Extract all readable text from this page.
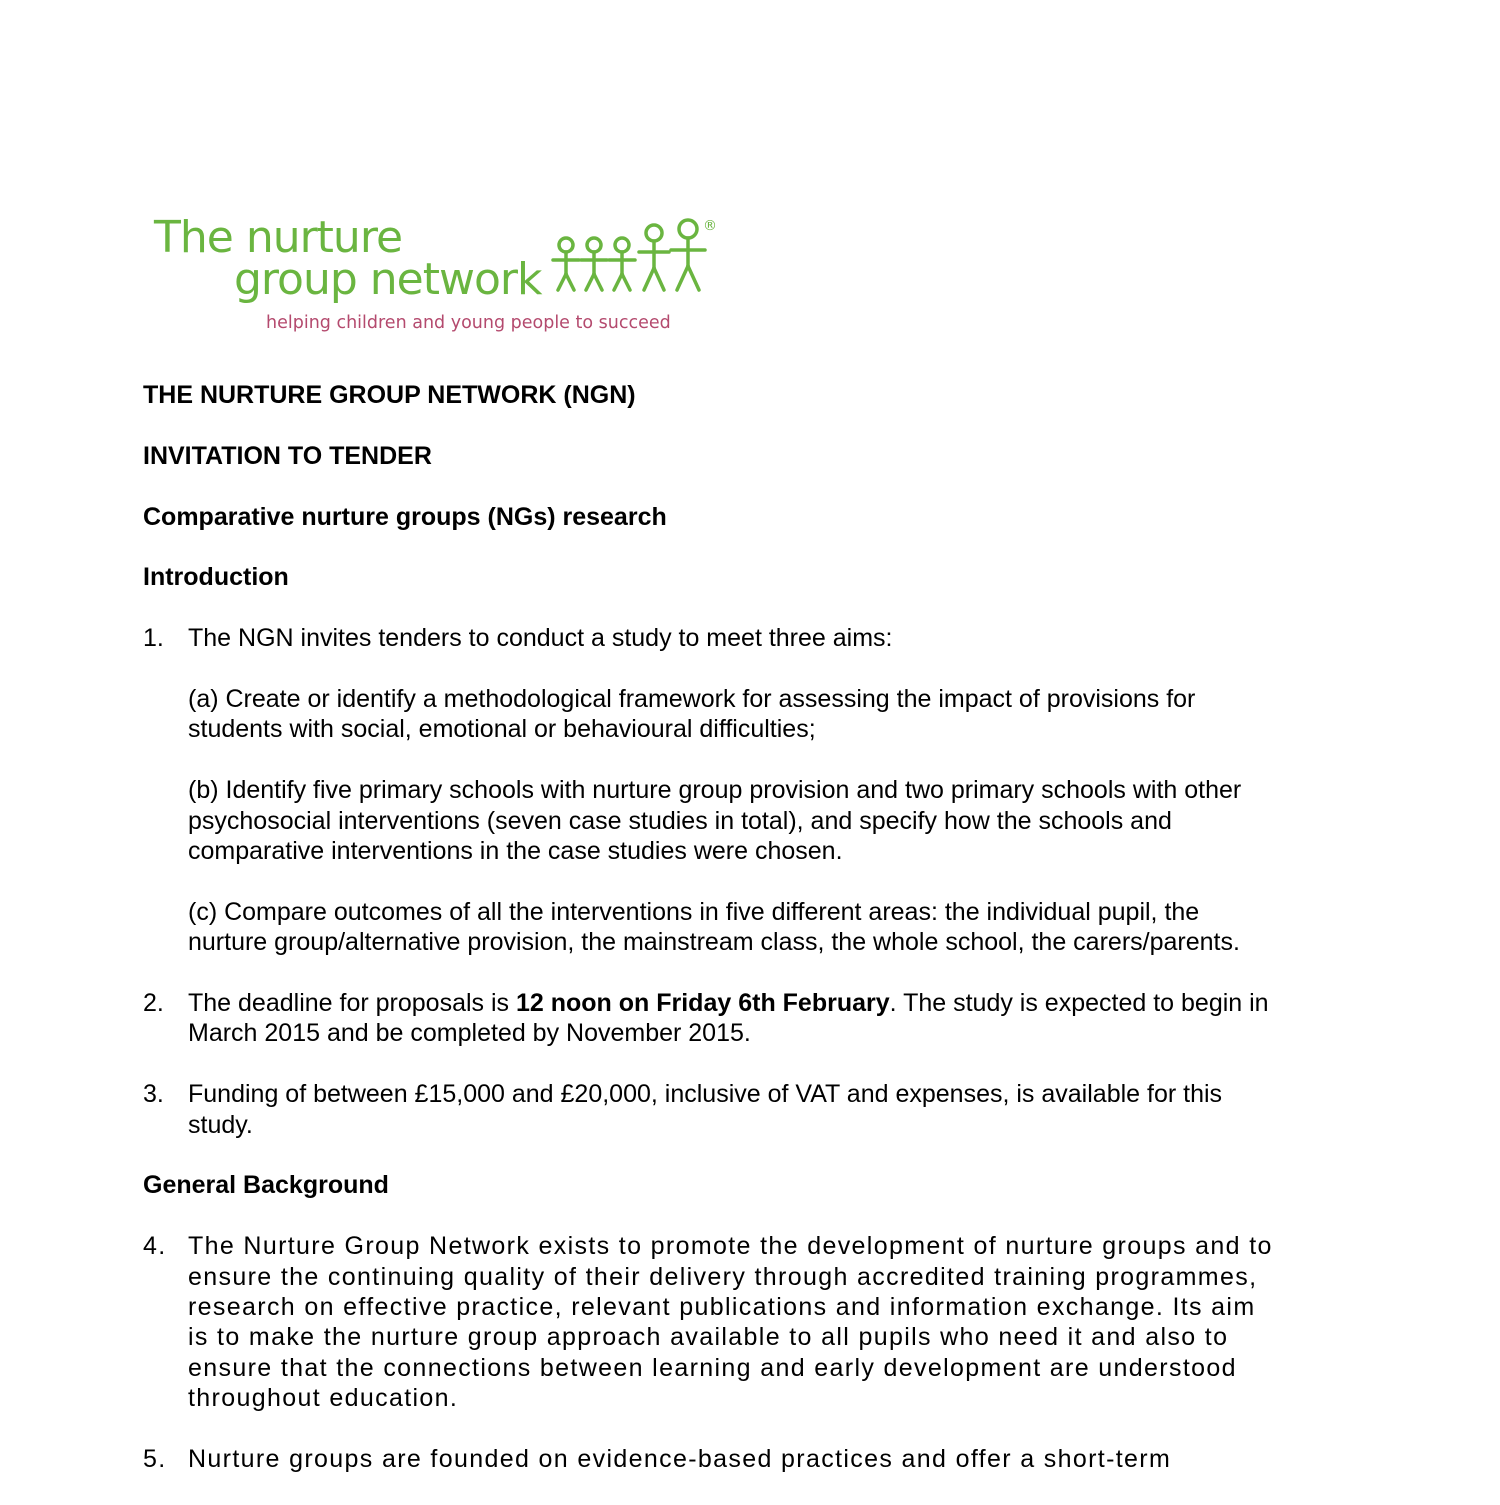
The nurture
group network
®
helping children and young people to succeed
THE NURTURE GROUP NETWORK (NGN)
INVITATION TO TENDER
Comparative nurture groups (NGs) research
Introduction
1. The NGN invites tenders to conduct a study to meet three aims:
(a) Create or identify a methodological framework for assessing the impact of provisions for students with social, emotional or behavioural difficulties;
(b) Identify five primary schools with nurture group provision and two primary schools with other psychosocial interventions (seven case studies in total), and specify how the schools and comparative interventions in the case studies were chosen.
(c) Compare outcomes of all the interventions in five different areas: the individual pupil, the nurture group/alternative provision, the mainstream class, the whole school, the carers/parents.
2. The deadline for proposals is 12 noon on Friday 6th February. The study is expected to begin in March 2015 and be completed by November 2015.
3. Funding of between £15,000 and £20,000, inclusive of VAT and expenses, is available for this study.
General Background
4. The Nurture Group Network exists to promote the development of nurture groups and to ensure the continuing quality of their delivery through accredited training programmes, research on effective practice, relevant publications and information exchange. Its aim is to make the nurture group approach available to all pupils who need it and also to ensure that the connections between learning and early development are understood throughout education.
5. Nurture groups are founded on evidence-based practices and offer a short-term
